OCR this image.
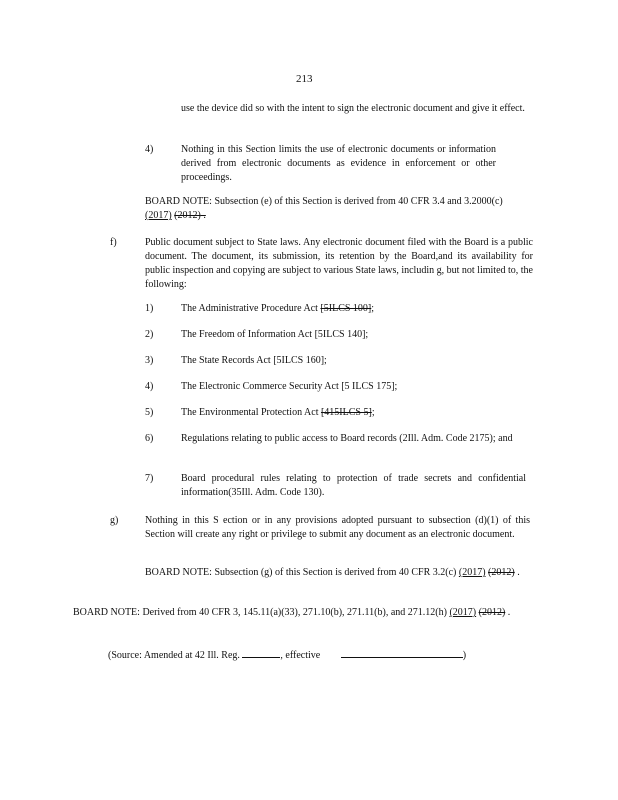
213
use the device did so with the intent to sign the electronic document and give it effect.
4)	Nothing in this Section limits the use of electronic documents or information derived from electronic documents as evidence in enforcement or other proceedings.
BOARD NOTE: Subsection (e) of this Section is derived from 40 CFR 3.4 and 3.2000(c) (2017) (2012) .
f)	Public document subject to State laws. Any electronic document filed with the Board is a public document. The document, its submission, its retention by the Board,and its availability for public inspection and copying are subject to various State laws, includin g, but not limited to, the following:
1)	The Administrative Procedure Act [5ILCS 100];
2)	The Freedom of Information Act [5ILCS 140];
3)	The State Records Act [5ILCS 160];
4)	The Electronic Commerce Security Act [5 ILCS 175];
5)	The Environmental Protection Act [415ILCS 5];
6)	Regulations relating to public access to Board records (2Ill. Adm. Code 2175); and
7)	Board procedural rules relating to protection of trade secrets and confidential information(35Ill. Adm. Code 130).
g)	Nothing in this S ection or in any provisions adopted pursuant to subsection (d)(1) of this Section will create any right or privilege to submit any document as an electronic document.
BOARD NOTE: Subsection (g) of this Section is derived from 40 CFR 3.2(c) (2017) (2012) .
BOARD NOTE: Derived from 40 CFR 3, 145.11(a)(33), 271.10(b), 271.11(b), and 271.12(h) (2017) (2012) .
(Source: Amended at 42 Ill. Reg.	, effective	)
